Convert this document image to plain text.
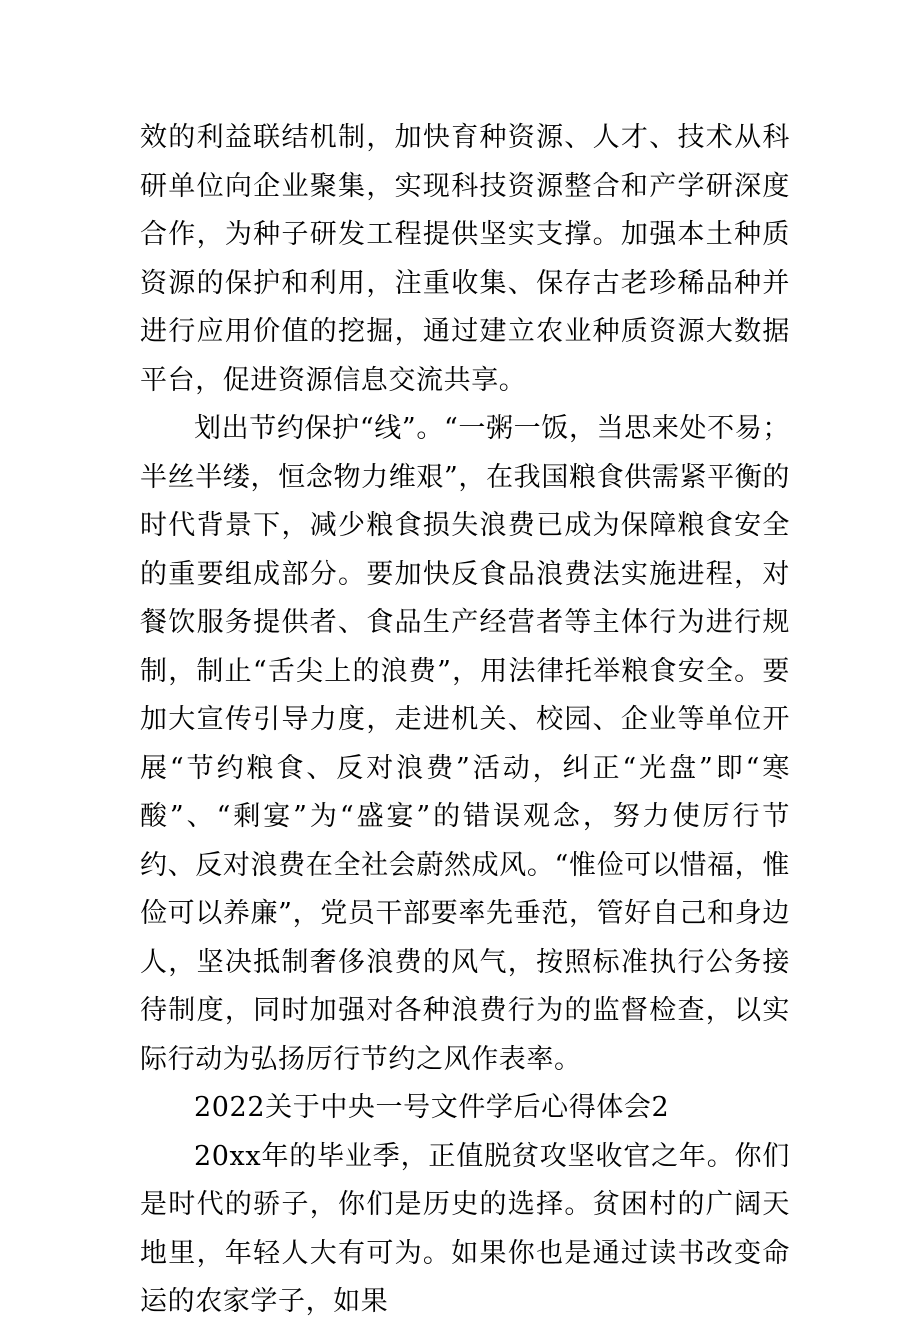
效的利益联结机制，加快育种资源、人才、技术从科研单位向企业聚集，实现科技资源整合和产学研深度合作，为种子研发工程提供坚实支撑。加强本土种质资源的保护和利用，注重收集、保存古老珍稀品种并进行应用价值的挖掘，通过建立农业种质资源大数据平台，促进资源信息交流共享。

划出节约保护“线”。“一粥一饭，当思来处不易；半丝半缕，恒念物力维艰”，在我国粮食供需紧平衡的时代背景下，减少粮食损失浪费已成为保障粮食安全的重要组成部分。要加快反食品浪费法实施进程，对餐饮服务提供者、食品生产经营者等主体行为进行规制，制止“舌尖上的浪费”，用法律托举粮食安全。要加大宣传引导力度，走进机关、校园、企业等单位开展“节约粮食、反对浪费”活动，纠正“光盘”即“寒酸”、“剩宴”为“盛宴”的错误观念，努力使厉行节约、反对浪费在全社会蔚然成风。“惟俭可以惜福，惟俭可以养廉”，党员干部要率先垂范，管好自己和身边人，坚决抵制奢侈浪费的风气，按照标准执行公务接待制度，同时加强对各种浪费行为的监督检查，以实际行动为弘扬厉行节约之风作表率。

2022关于中央一号文件学后心得体会2

20xx年的毕业季，正值脱贫攻坚收官之年。你们是时代的骄子，你们是历史的选择。贫困村的广阔天地里，年轻人大有可为。如果你也是通过读书改变命运的农家学子，如果
